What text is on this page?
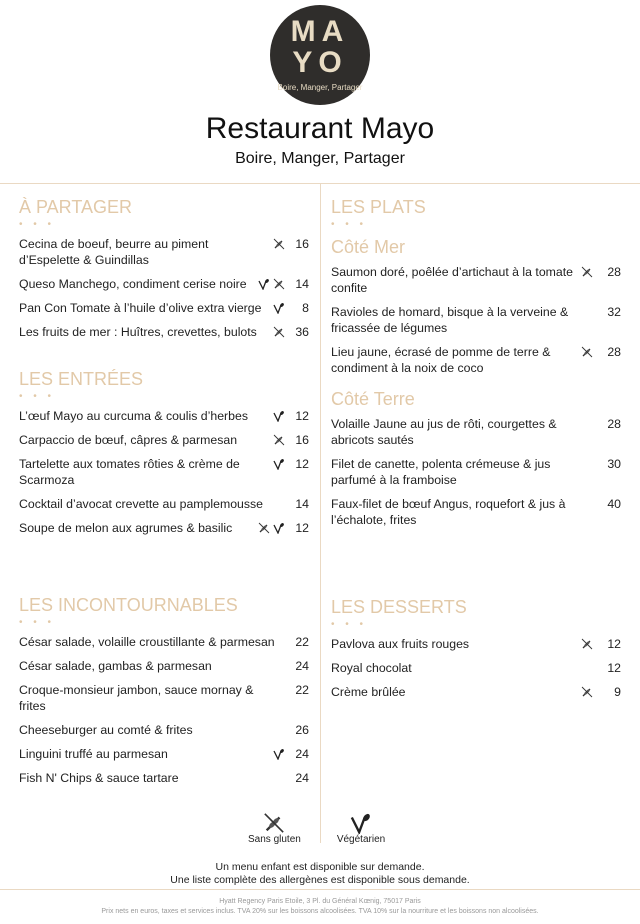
MA
YO
Boire, Manger, Partager
Restaurant Mayo
Boire, Manger, Partager
À PARTAGER
• • •
Cecina de boeuf, beurre au piment d’Espelette & Guindillas
16
Queso Manchego, condiment cerise noire	14
Pan Con Tomate à l’huile d’olive extra vierge	8
Les fruits de mer : Huîtres, crevettes, bulots	36
LES ENTRÉES
• • •
L’œuf Mayo au curcuma & coulis d’herbes	12
Carpaccio de bœuf, câpres & parmesan	16
Tartelette aux tomates rôties & crème de Scarmoza
12
Cocktail d’avocat crevette au pamplemousse	14
Soupe de melon aux agrumes & basilic	12
LES INCONTOURNABLES
• • •
César salade, volaille croustillante & parmesan	22
César salade, gambas & parmesan	24
Croque-monsieur jambon, sauce mornay & frites
22
Cheeseburger au comté & frites	26
Linguini truffé au parmesan	24
Fish N' Chips & sauce tartare	24
LES PLATS
• • •
Côté Mer
Saumon doré, poêlée d’artichaut à la tomate confite
28
Ravioles de homard, bisque à la verveine & fricassée de légumes
32
Lieu jaune, écrasé de pomme de terre & condiment à la noix de coco
28
Côté Terre
Volaille Jaune au jus de rôti, courgettes & abricots sautés
28
Filet de canette, polenta crémeuse & jus parfumé à la framboise
30
Faux-filet de bœuf Angus, roquefort & jus à l’échalote, frites
40
LES DESSERTS
• • •
Pavlova aux fruits rouges	12
Royal chocolat	12
Crème brûlée	9
Sans gluten	Végétarien
Un menu enfant est disponible sur demande.
Une liste complète des allergènes est disponible sous demande.
Hyatt Regency Paris Etoile, 3 Pl. du Général Kœnig, 75017 Paris
Prix nets en euros, taxes et services inclus. TVA 20% sur les boissons alcoolisées. TVA 10% sur la nourriture et les boissons non alcoolisées.
